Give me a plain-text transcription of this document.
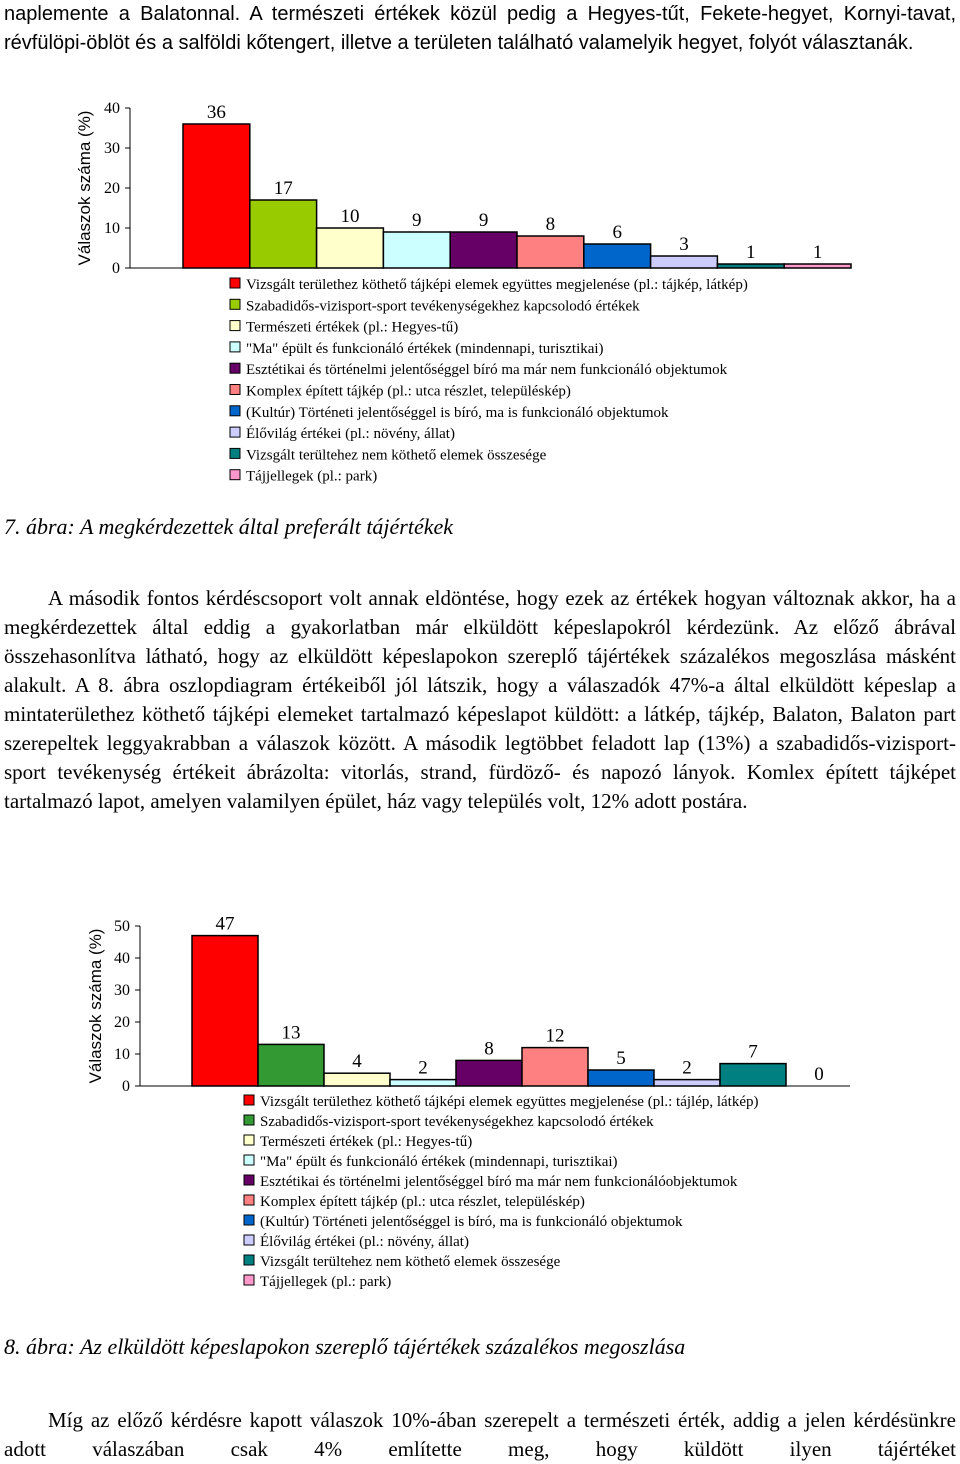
naplemente a Balatonnal. A természeti értékek közül pedig a Hegyes-tűt, Fekete-hegyet, Kornyi-tavat, révfülöpi-öblöt és a salföldi kőtengert, illetve a területen található valamelyik hegyet, folyót választanák.

Válaszok száma (%)
0
10
20
30
40	36
17
10	9	9	8	6
3	1	1
Vizsgált területhez köthető tájképi elemek együttes megjelenése (pl.: tájkép, látkép)
Szabadidős-vizisport-sport tevékenységekhez kapcsolodó értékek
Természeti értékek (pl.: Hegyes-tű)
"Ma" épült és funkcionáló értékek (mindennapi, turisztikai)
Esztétikai és történelmi jelentőséggel bíró ma már nem funkcionáló objektumok
Komplex épített tájkép (pl.: utca részlet, településkép)
(Kultúr) Történeti jelentőséggel is bíró, ma is funkcionáló objektumok
Élővilág értékei (pl.: növény, állat)
Vizsgált terültehez nem köthető elemek összesége
Tájjellegek (pl.: park)

7. ábra: A megkérdezettek által preferált tájértékek

A második fontos kérdéscsoport volt annak eldöntése, hogy ezek az értékek hogyan változnak akkor, ha a megkérdezettek által eddig a gyakorlatban már elküldött képeslapokról kérdezünk. Az előző ábrával összehasonlítva látható, hogy az elküldött képeslapokon szereplő tájértékek százalékos megoszlása másként alakult. A 8. ábra oszlopdiagram értékeiből jól látszik, hogy a válaszadók 47%-a által elküldött képeslap a mintaterülethez köthető tájképi elemeket tartalmazó képeslapot küldött: a látkép, tájkép, Balaton, Balaton part szerepeltek leggyakrabban a válaszok között. A második legtöbbet feladott lap (13%) a szabadidős-vizisport-sport tevékenység értékeit ábrázolta: vitorlás, strand, fürdöző- és napozó lányok. Komlex épített tájképet tartalmazó lapot, amelyen valamilyen épület, ház vagy település volt, 12% adott postára.

Válaszok száma (%)
0
10
20
30
40
50	47
13
4	2
8
12
5	2
7
0
Vizsgált területhez köthető tájképi elemek együttes megjelenése (pl.: tájlép, látkép)
Szabadidős-vizisport-sport tevékenységekhez kapcsolodó értékek
Természeti értékek (pl.: Hegyes-tű)
"Ma" épült és funkcionáló értékek (mindennapi, turisztikai)
Esztétikai és történelmi jelentőséggel bíró ma már nem funkcionálóobjektumok
Komplex épített tájkép (pl.: utca részlet, településkép)
(Kultúr) Történeti jelentőséggel is bíró, ma is funkcionáló objektumok
Élővilág értékei (pl.: növény, állat)
Vizsgált terültehez nem köthető elemek összesége
Tájjellegek (pl.: park)

8. ábra: Az elküldött képeslapokon szereplő tájértékek százalékos megoszlása

Míg az előző kérdésre kapott válaszok 10%-ában szerepelt a természeti érték, addig a jelen kérdésünkre adott válaszában csak 4% említette meg, hogy küldött ilyen tájértéket
